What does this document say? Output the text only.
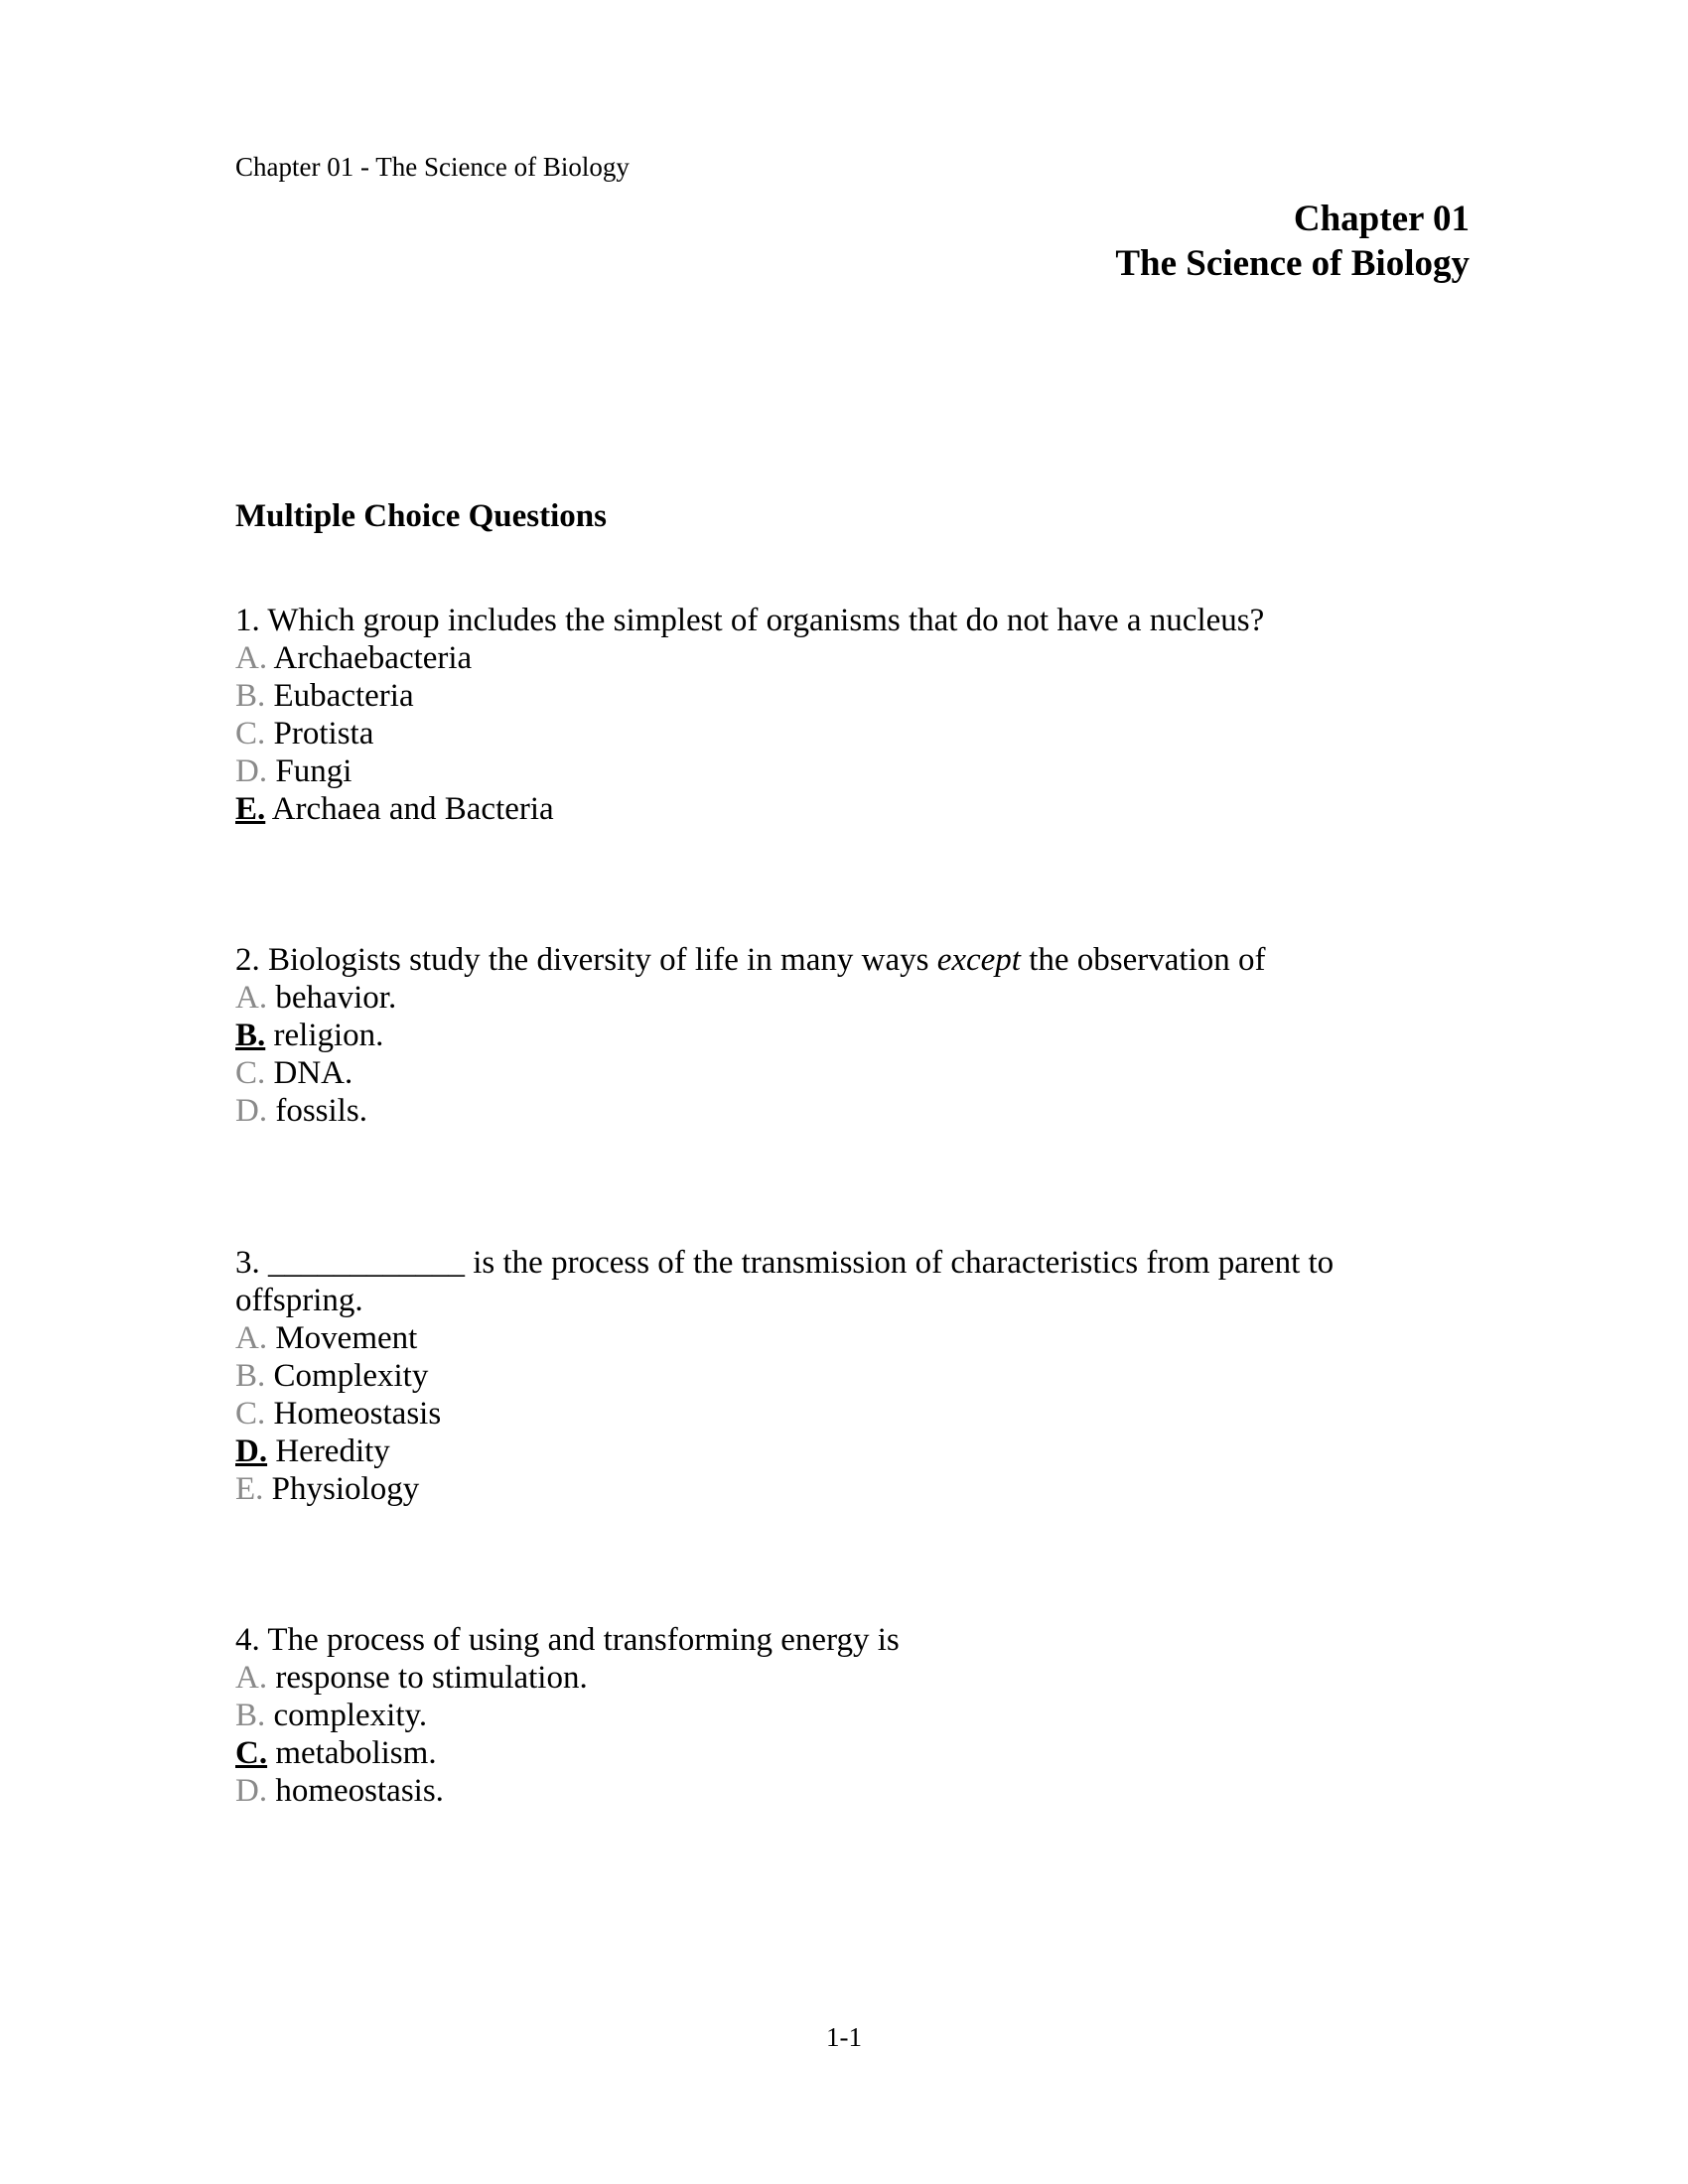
Chapter 01 - The Science of Biology
Chapter 01
The Science of Biology
Multiple Choice Questions

1. Which group includes the simplest of organisms that do not have a nucleus?

A. Archaebacteria

B. Eubacteria

C. Protista

D. Fungi

E. Archaea and Bacteria

2. Biologists study the diversity of life in many ways except the observation of

A. behavior.

B. religion.

C. DNA.

D. fossils.

3. ____________ is the process of the transmission of characteristics from parent to offspring.

A. Movement

B. Complexity

C. Homeostasis

D. Heredity

E. Physiology

4. The process of using and transforming energy is

A. response to stimulation.

B. complexity.

C. metabolism.

D. homeostasis.

1-1
